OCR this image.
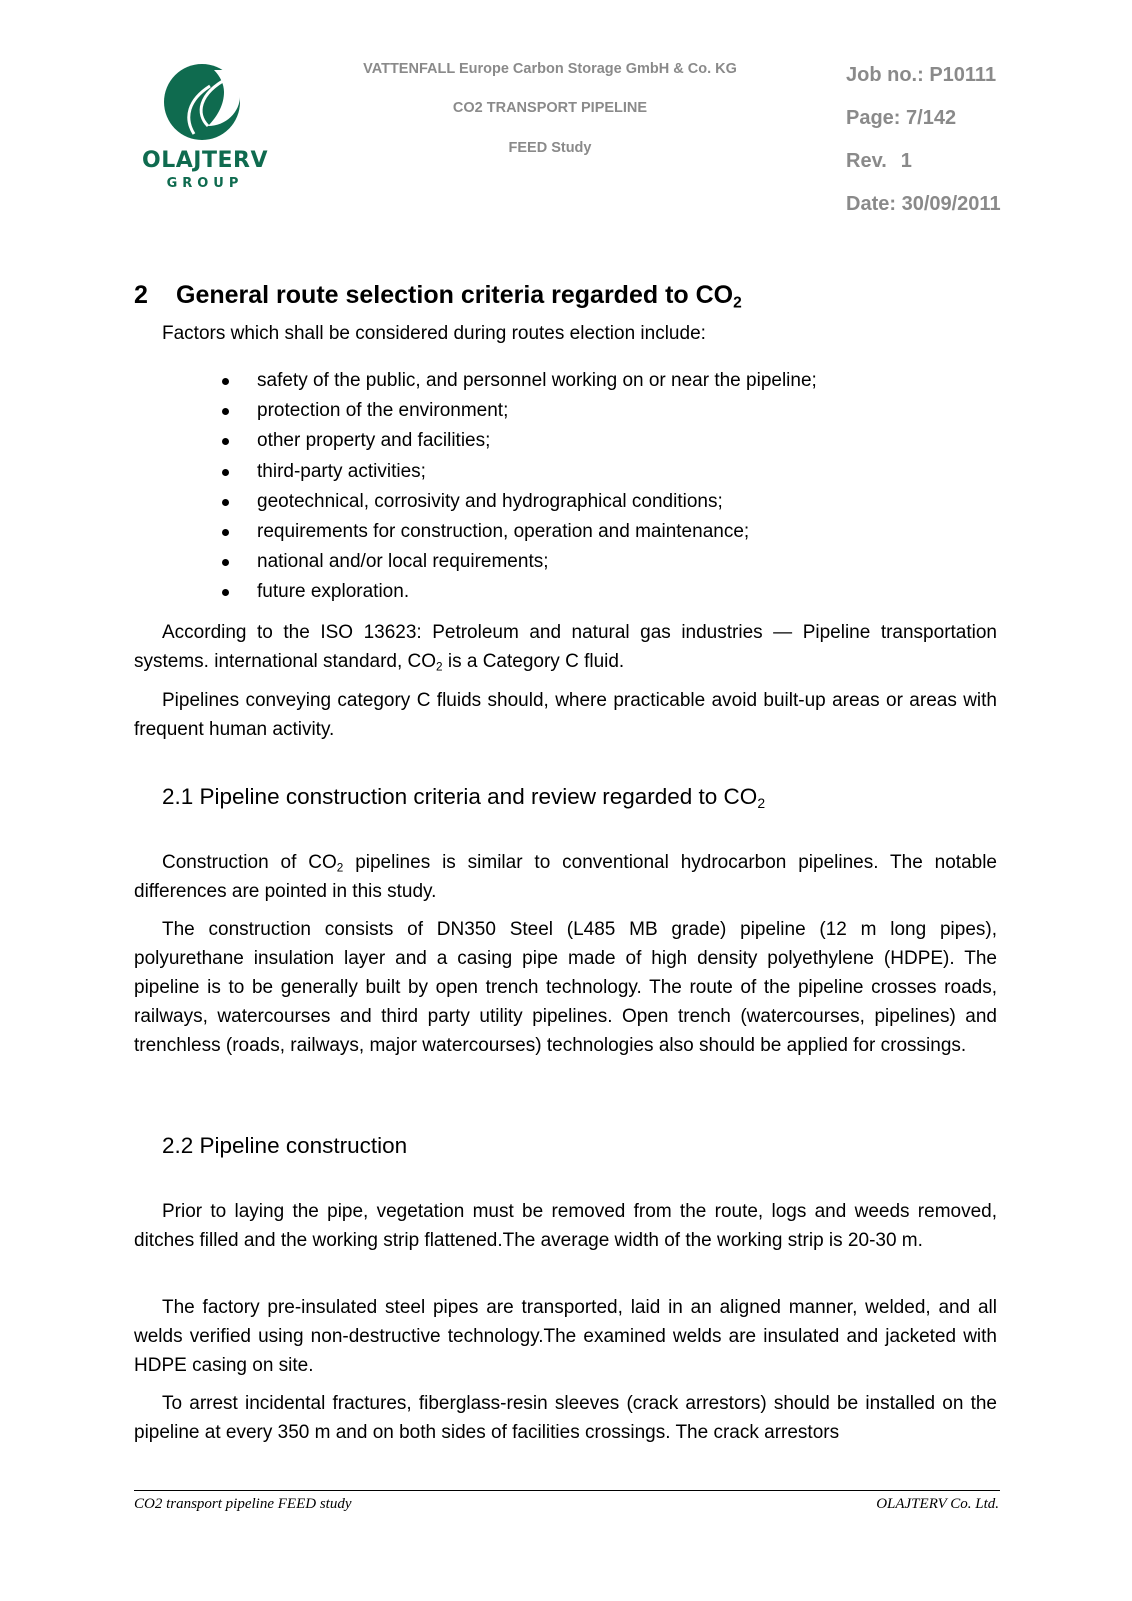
OLAJTERV
GROUP
VATTENFALL Europe Carbon Storage GmbH & Co. KG
CO2 TRANSPORT PIPELINE
FEED Study
Job no.: P10111
Page: 7/142
Rev. 1
Date: 30/09/2011
2 General route selection criteria regarded to $CO_2$
Factors which shall be considered during routes election include:
safety of the public, and personnel working on or near the pipeline;
protection of the environment;
other property and facilities;
third-party activities;
geotechnical, corrosivity and hydrographical conditions;
requirements for construction, operation and maintenance;
national and/or local requirements;
future exploration.

According to the ISO 13623: Petroleum and natural gas industries — Pipeline transportation systems. international standard, $CO_2$ is a Category C fluid.

Pipelines conveying category C fluids should, where practicable avoid built-up areas or areas with frequent human activity.

2.1 Pipeline construction criteria and review regarded to $CO_2$

Construction of $CO_2$ pipelines is similar to conventional hydrocarbon pipelines. The notable differences are pointed in this study.

The construction consists of DN350 Steel (L485 MB grade) pipeline (12 m long pipes), polyurethane insulation layer and a casing pipe made of high density polyethylene (HDPE). The pipeline is to be generally built by open trench technology. The route of the pipeline crosses roads, railways, watercourses and third party utility pipelines. Open trench (watercourses, pipelines) and trenchless (roads, railways, major watercourses) technologies also should be applied for crossings.

2.2 Pipeline construction

Prior to laying the pipe, vegetation must be removed from the route, logs and weeds removed, ditches filled and the working strip flattened.The average width of the working strip is 20-30 m.

The factory pre-insulated steel pipes are transported, laid in an aligned manner, welded, and all welds verified using non-destructive technology.The examined welds are insulated and jacketed with HDPE casing on site.

To arrest incidental fractures, fiberglass-resin sleeves (crack arrestors) should be installed on the pipeline at every 350 m and on both sides of facilities crossings. The crack arrestors

CO2 transport pipeline FEED study	OLAJTERV Co. Ltd.
